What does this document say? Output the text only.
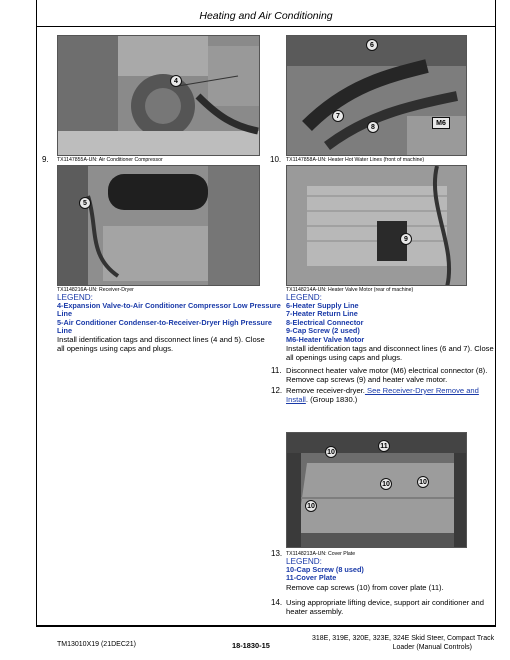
Heating and Air Conditioning
4
6
7
8
M6
9. TX1147855A-UN: Air Conditioner Compressor	10. TX1147858A-UN: Heater Hot Water Lines (front of machine)
5
9
TX1148216A-UN: Receiver-Dryer	TX1148214A-UN: Heater Valve Motor (rear of machine)
LEGEND:
4-Expansion Valve-to-Air Conditioner Compressor Low Pressure
Line
5-Air Conditioner Condenser-to-Receiver-Dryer High Pressure
Line
Install identification tags and disconnect lines (4 and 5). Close
all openings using caps and plugs.
LEGEND:
6-Heater Supply Line
7-Heater Return Line
8-Electrical Connector
9-Cap Screw (2 used)
M6-Heater Valve Motor
Install identification tags and disconnect lines (6 and 7). Close
all openings using caps and plugs.
11. Disconnect heater valve motor (M6) electrical connector (8).
Remove cap screws (9) and heater valve motor.
12. Remove receiver-dryer. See Receiver-Dryer Remove and
Install. (Group 1830.)
11
10
10	10
10
13. TX1148213A-UN: Cover Plate
LEGEND:
10-Cap Screw (8 used)
11-Cover Plate
Remove cap screws (10) from cover plate (11).
14. Using appropriate lifting device, support air conditioner and
heater assembly.
TM13010X19 (21DEC21)	18-1830-15
318E, 319E, 320E, 323E, 324E Skid Steer, Compact Track
Loader (Manual Controls)
